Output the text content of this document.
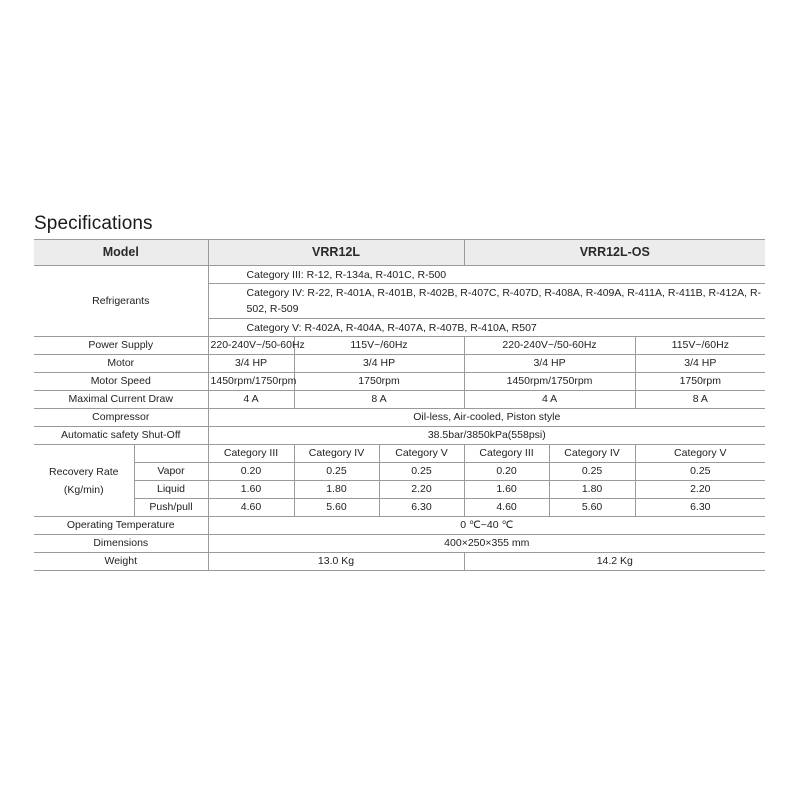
Specifications
Model		VRR12L			VRR12L-OS		
Refrigerants		Category III: R-12, R-134a, R-401C, R-500					
		Category IV: R-22, R-401A, R-401B, R-402B, R-407C, R-407D, R-408A, R-409A, R-411A, R-411B, R-412A, R-502, R-509					
		Category V: R-402A, R-404A, R-407A, R-407B, R-410A, R507					
Power Supply		220-240V~/50-60Hz	115V~/60Hz		220-240V~/50-60Hz		115V~/60Hz
Motor		3/4 HP	3/4 HP		3/4 HP		3/4 HP
Motor Speed		1450rpm/1750rpm	1750rpm		1450rpm/1750rpm		1750rpm
Maximal Current Draw		4 A	8 A		4 A		8 A
Compressor		Oil-less, Air-cooled, Piston style					
Automatic safety Shut-Off		38.5bar/3850kPa(558psi)					
Recovery Rate
(Kg/min)		Category III	Category IV	Category V	Category III	Category IV	Category V
	Vapor	0.20	0.25	0.25	0.20	0.25	0.25
	Liquid	1.60	1.80	2.20	1.60	1.80	2.20
	Push/pull	4.60	5.60	6.30	4.60	5.60	6.30
Operating Temperature		0 ℃~40 ℃					
Dimensions		400×250×355 mm					
Weight		13.0 Kg			14.2 Kg		
